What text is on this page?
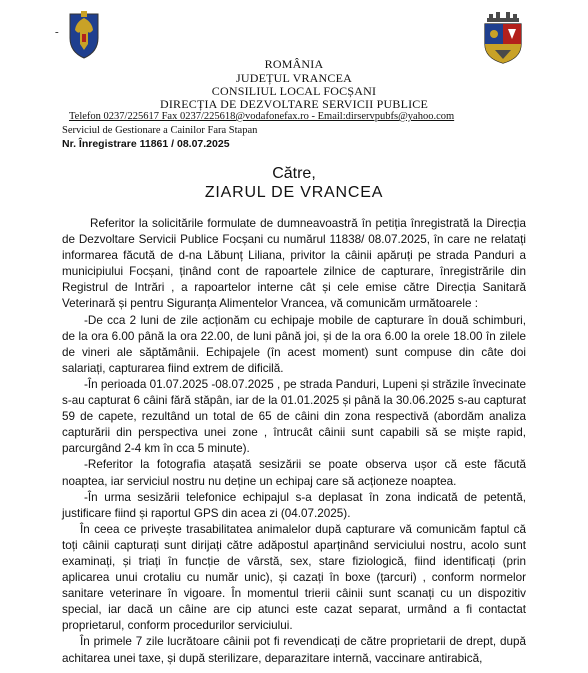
-
ROMÂNIA
JUDEȚUL VRANCEA
CONSILIUL LOCAL FOCȘANI
DIRECȚIA DE DEZVOLTARE SERVICII PUBLICE
Telefon 0237/225617 Fax 0237/225618@vodafonefax.ro - Email:dirservpubfs@yahoo.com
Serviciul de Gestionare a Cainilor Fara Stapan
Nr. Înregistrare 11861 / 08.07.2025
Către,
ZIARUL DE VRANCEA

Referitor la solicitările formulate de dumneavoastră în petiția înregistrată la Direcția de Dezvoltare Servicii Publice Focșani cu numărul 11838/ 08.07.2025, în care ne relatați informarea făcută de d-na Lăbunț Liliana, privitor la câinii apăruți pe strada Panduri a municipiului Focșani, ținând cont de rapoartele zilnice de capturare, înregistrările din Registrul de Intrări , a rapoartelor interne cât și cele emise către Direcția Sanitară Veterinară și pentru Siguranța Alimentelor Vrancea, vă comunicăm următoarele :

-De cca 2 luni de zile acționăm cu echipaje mobile de capturare în două schimburi, de la ora 6.00 până la ora 22.00, de luni până joi, și de la ora 6.00 la orele 18.00 în zilele de vineri ale săptămânii. Echipajele (în acest moment) sunt compuse din câte doi salariați, capturarea fiind extrem de dificilă.

-În perioada 01.07.2025 -08.07.2025 , pe strada Panduri, Lupeni și străzile învecinate s-au capturat 6 câini fără stăpân, iar de la 01.01.2025 și până la 30.06.2025 s-au capturat 59 de capete, rezultând un total de 65 de câini din zona respectivă (abordăm analiza capturării din perspectiva unei zone , întrucât câinii sunt capabili să se miște rapid, parcurgând 2-4 km în cca 5 minute).

-Referitor la fotografia atașată sesizării se poate observa ușor că este făcută noaptea, iar serviciul nostru nu deține un echipaj care să acționeze noaptea.

-În urma sesizării telefonice echipajul s-a deplasat în zona indicată de petentă, justificare fiind și raportul GPS din acea zi (04.07.2025).

În ceea ce privește trasabilitatea animalelor după capturare vă comunicăm faptul că toți câinii capturați sunt dirijați către adăpostul aparținând serviciului nostru, acolo sunt examinați, și triați în funcție de vârstă, sex, stare fiziologică, fiind identificați (prin aplicarea unui crotaliu cu număr unic), și cazați în boxe (țarcuri) , conform normelor sanitare veterinare în vigoare. În momentul trierii câinii sunt scanați cu un dispozitiv special, iar dacă un câine are cip atunci este cazat separat, urmând a fi contactat proprietarul, conform procedurilor serviciului.

În primele 7 zile lucrătoare câinii pot fi revendicați de către proprietarii de drept, după achitarea unei taxe, și după sterilizare, deparazitare internă, vaccinare antirabică,
